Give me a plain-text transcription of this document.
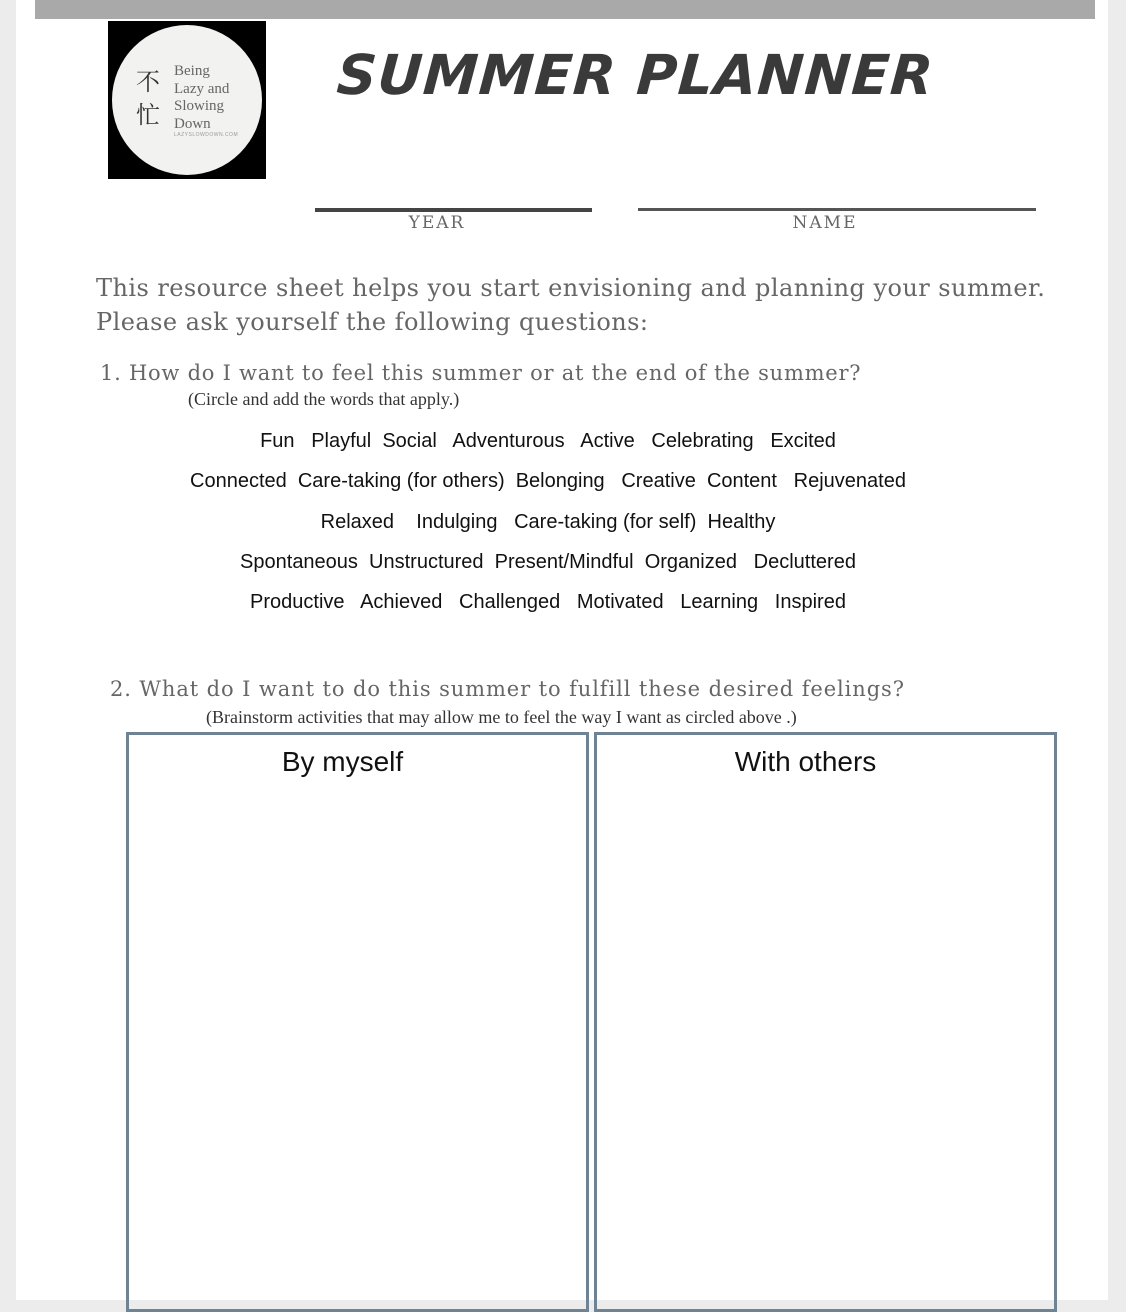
不
忙
Being
Lazy and
Slowing
Down
LAZYSLOWDOWN.COM
SUMMER PLANNER
YEAR	NAME
This resource sheet helps you start envisioning and planning your summer.
Please ask yourself the following questions:
1. How do I want to feel this summer or at the end of the summer?
(Circle and add the words that apply.)
Fun   Playful  Social   Adventurous   Active   Celebrating   Excited
Connected  Care-taking (for others)  Belonging   Creative  Content   Rejuvenated
Relaxed    Indulging   Care-taking (for self)  Healthy
Spontaneous  Unstructured  Present/Mindful  Organized   Decluttered
Productive   Achieved   Challenged   Motivated   Learning   Inspired
2. What do I want to do this summer to fulfill these desired feelings?
(Brainstorm activities that may allow me to feel the way I want as circled above .)
By myself	With others
